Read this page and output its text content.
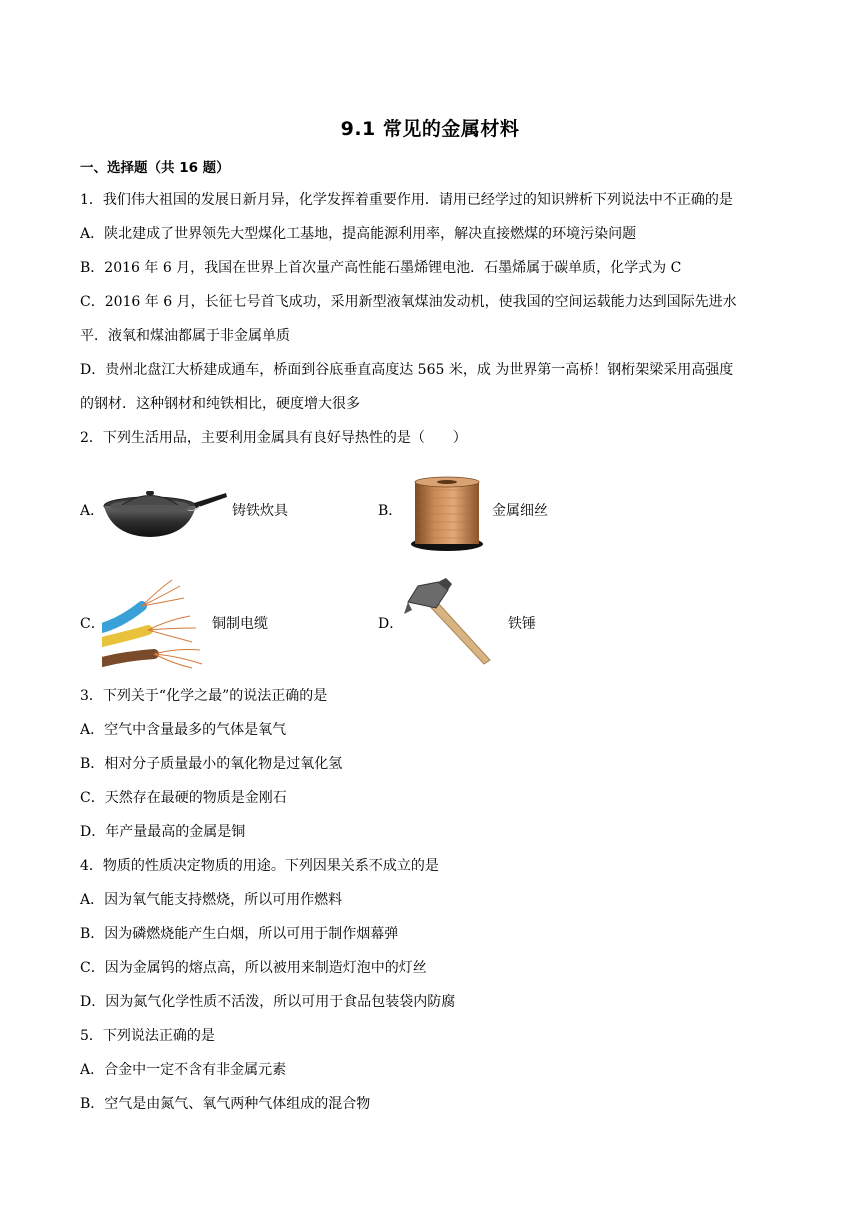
9.1 常见的金属材料
一、选择题（共 16 题）
1．我们伟大祖国的发展日新月异，化学发挥着重要作用．请用已经学过的知识辨析下列说法中不正确的是
A．陕北建成了世界领先大型煤化工基地，提高能源利用率，解决直接燃煤的环境污染问题
B．2016 年 6 月，我国在世界上首次量产高性能石墨烯锂电池．石墨烯属于碳单质，化学式为 C
C．2016 年 6 月，长征七号首飞成功，采用新型液氧煤油发动机，使我国的空间运载能力达到国际先进水
平．液氧和煤油都属于非金属单质
D．贵州北盘江大桥建成通车，桥面到谷底垂直高度达 565 米，成 为世界第一高桥！钢桁架梁采用高强度
的钢材．这种钢材和纯铁相比，硬度增大很多
2．下列生活用品，主要利用金属具有良好导热性的是（　　）
A．	铸铁炊具	B．	金属细丝
C．	铜制电缆	D．	铁锤
3．下列关于“化学之最”的说法正确的是
A．空气中含量最多的气体是氧气
B．相对分子质量最小的氧化物是过氧化氢
C．天然存在最硬的物质是金刚石
D．年产量最高的金属是铜
4．物质的性质决定物质的用途。下列因果关系不成立的是
A．因为氧气能支持燃烧，所以可用作燃料
B．因为磷燃烧能产生白烟，所以可用于制作烟幕弹
C．因为金属钨的熔点高，所以被用来制造灯泡中的灯丝
D．因为氮气化学性质不活泼，所以可用于食品包装袋内防腐
5．下列说法正确的是
A．合金中一定不含有非金属元素
B．空气是由氮气、氧气两种气体组成的混合物
